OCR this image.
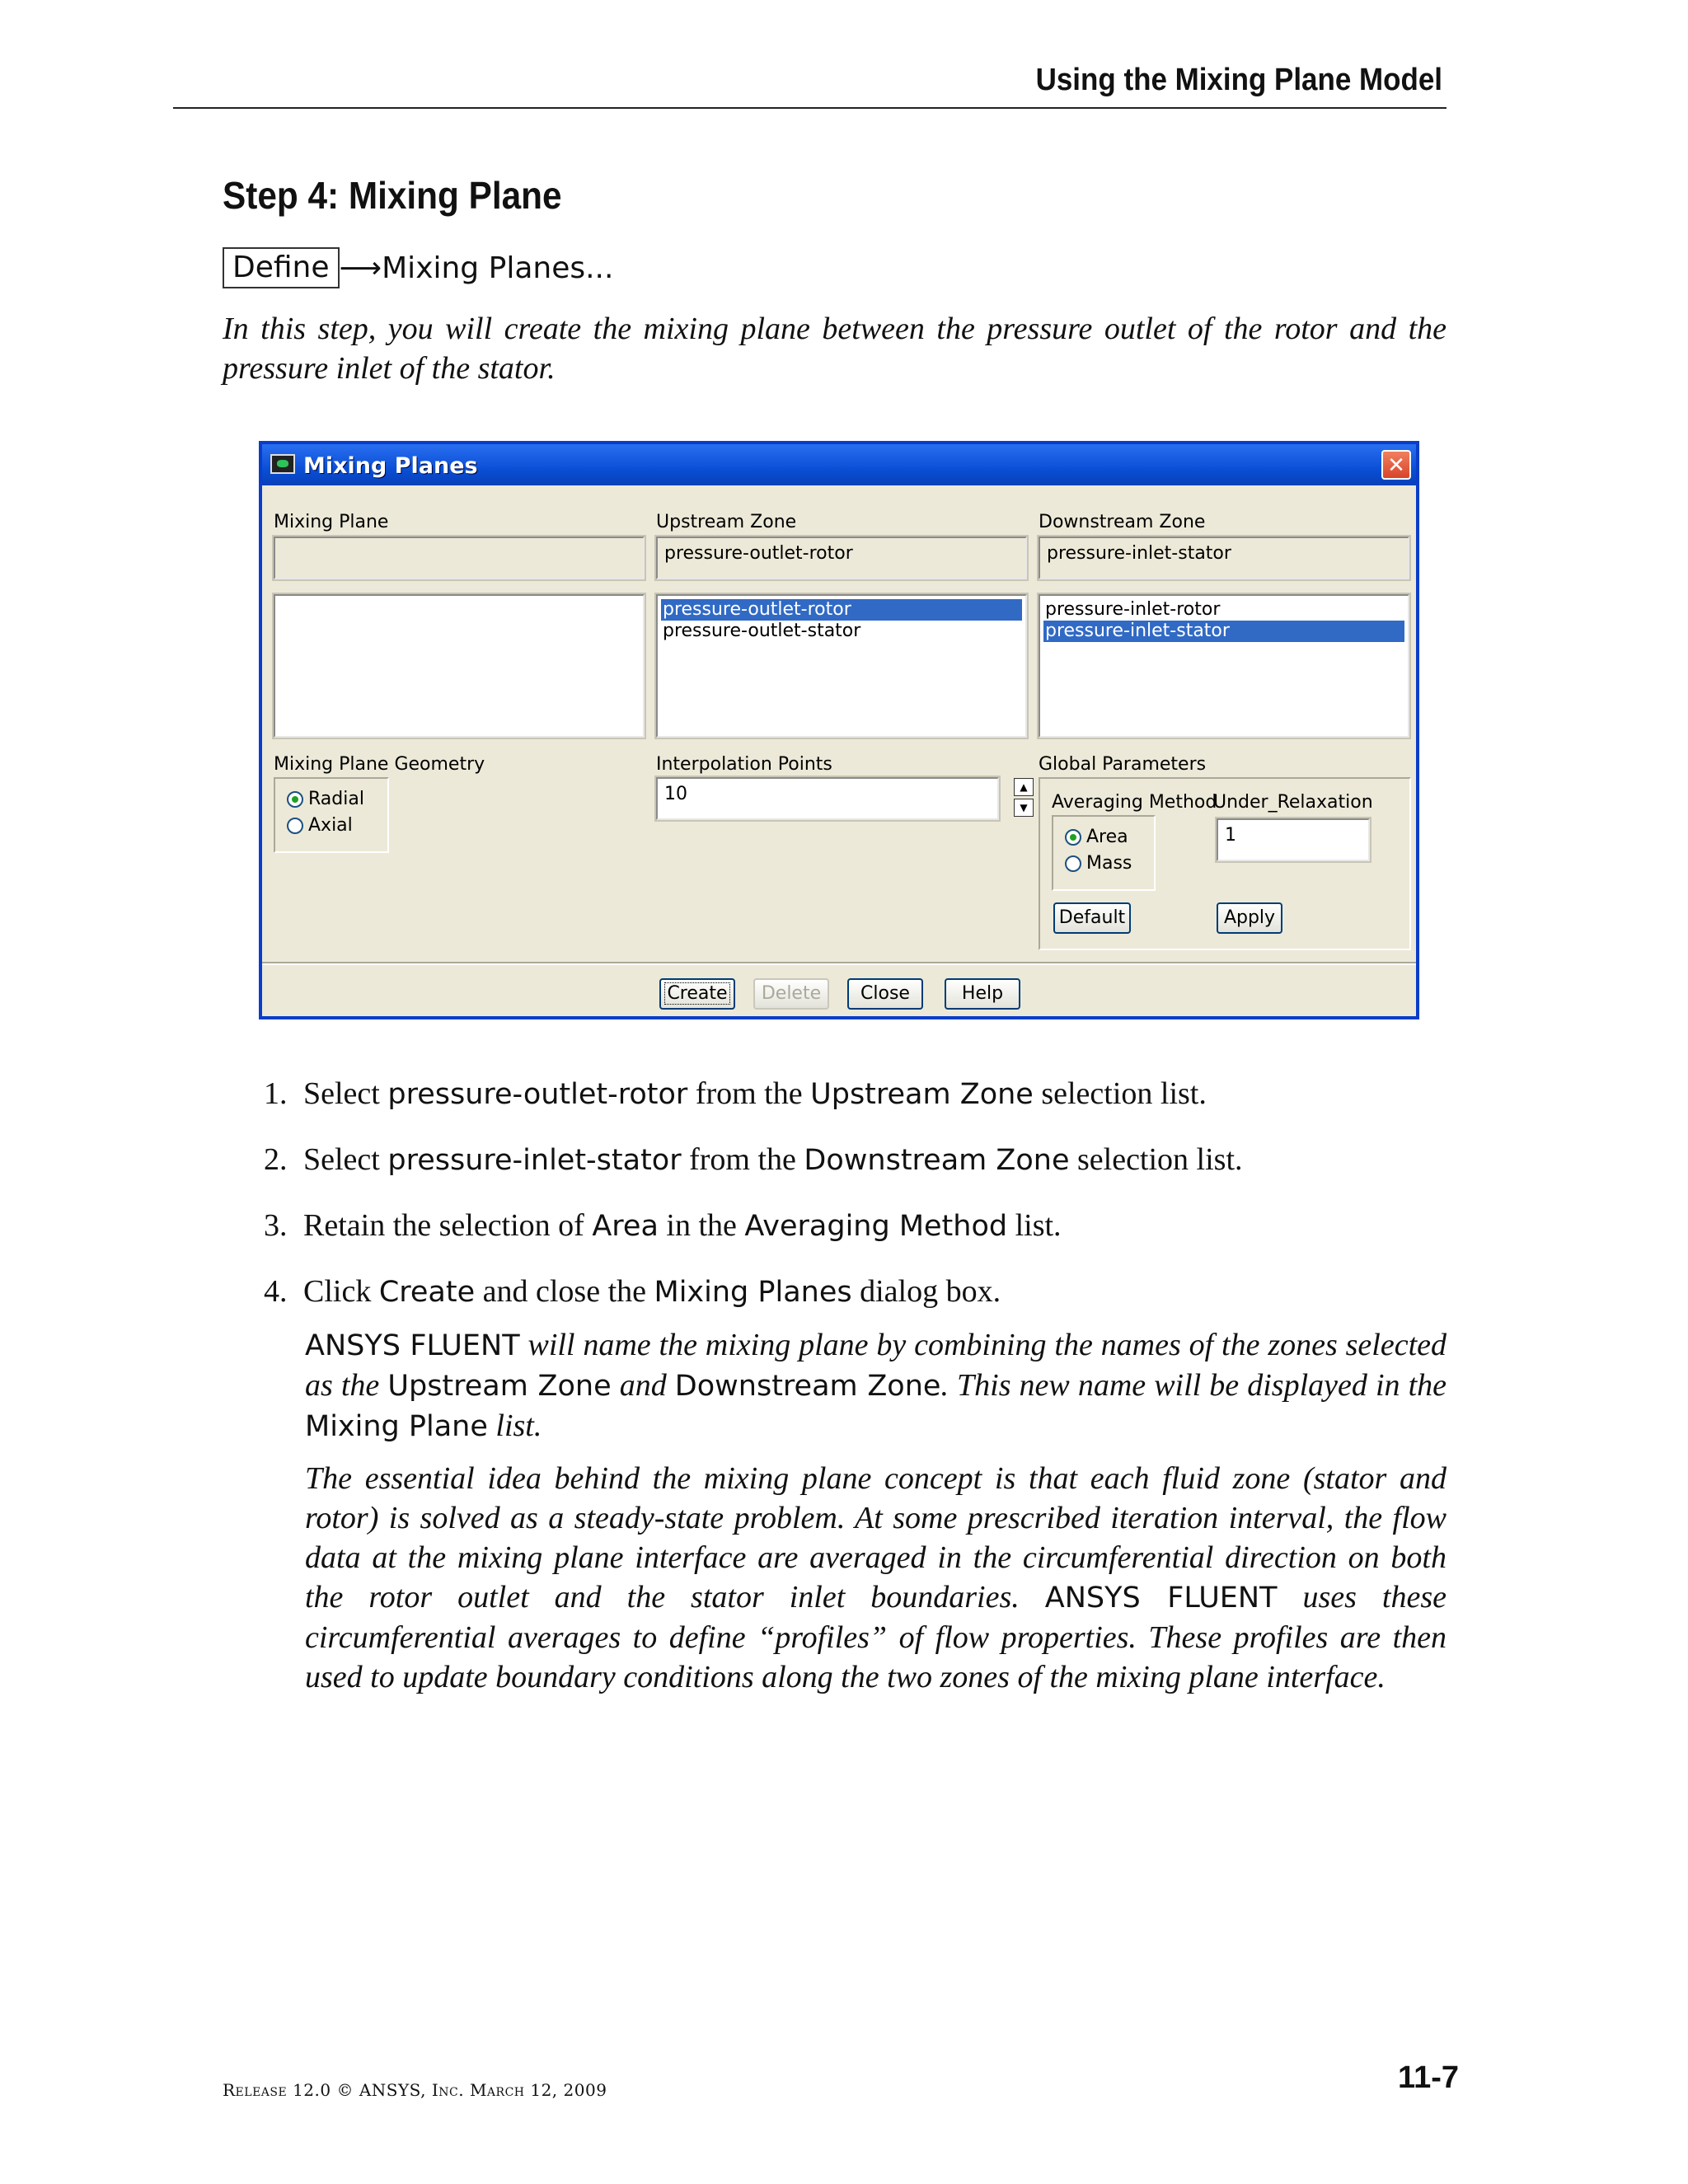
Using the Mixing Plane Model
Step 4: Mixing Plane
Define ⟶ Mixing Planes...
In this step, you will create the mixing plane between the pressure outlet of the rotor and the pressure inlet of the stator.
Mixing Planes	✕
Mixing Plane	Upstream Zone	Downstream Zone
pressure-outlet-rotor	pressure-inlet-stator
pressure-outlet-rotor
pressure-outlet-stator
pressure-inlet-rotor
pressure-inlet-stator
Mixing Plane Geometry
Radial
Axial
Interpolation Points
10	▲
▼
Global Parameters
Averaging Method
Under_Relaxation
Area
Mass
1
Default	Apply
Create	Delete	Close	Help
1. Select pressure-outlet-rotor from the Upstream Zone selection list.
2. Select pressure-inlet-stator from the Downstream Zone selection list.
3. Retain the selection of Area in the Averaging Method list.
4. Click Create and close the Mixing Planes dialog box.
ANSYS FLUENT will name the mixing plane by combining the names of the zones selected as the Upstream Zone and Downstream Zone. This new name will be displayed in the Mixing Plane list.
The essential idea behind the mixing plane concept is that each fluid zone (stator and rotor) is solved as a steady-state problem. At some prescribed iteration interval, the flow data at the mixing plane interface are averaged in the circumferential direction on both the rotor outlet and the stator inlet boundaries. ANSYS FLUENT uses these circumferential averages to define “profiles” of flow properties. These profiles are then used to update boundary conditions along the two zones of the mixing plane interface.
Release 12.0 © ANSYS, Inc. March 12, 2009	11-7
